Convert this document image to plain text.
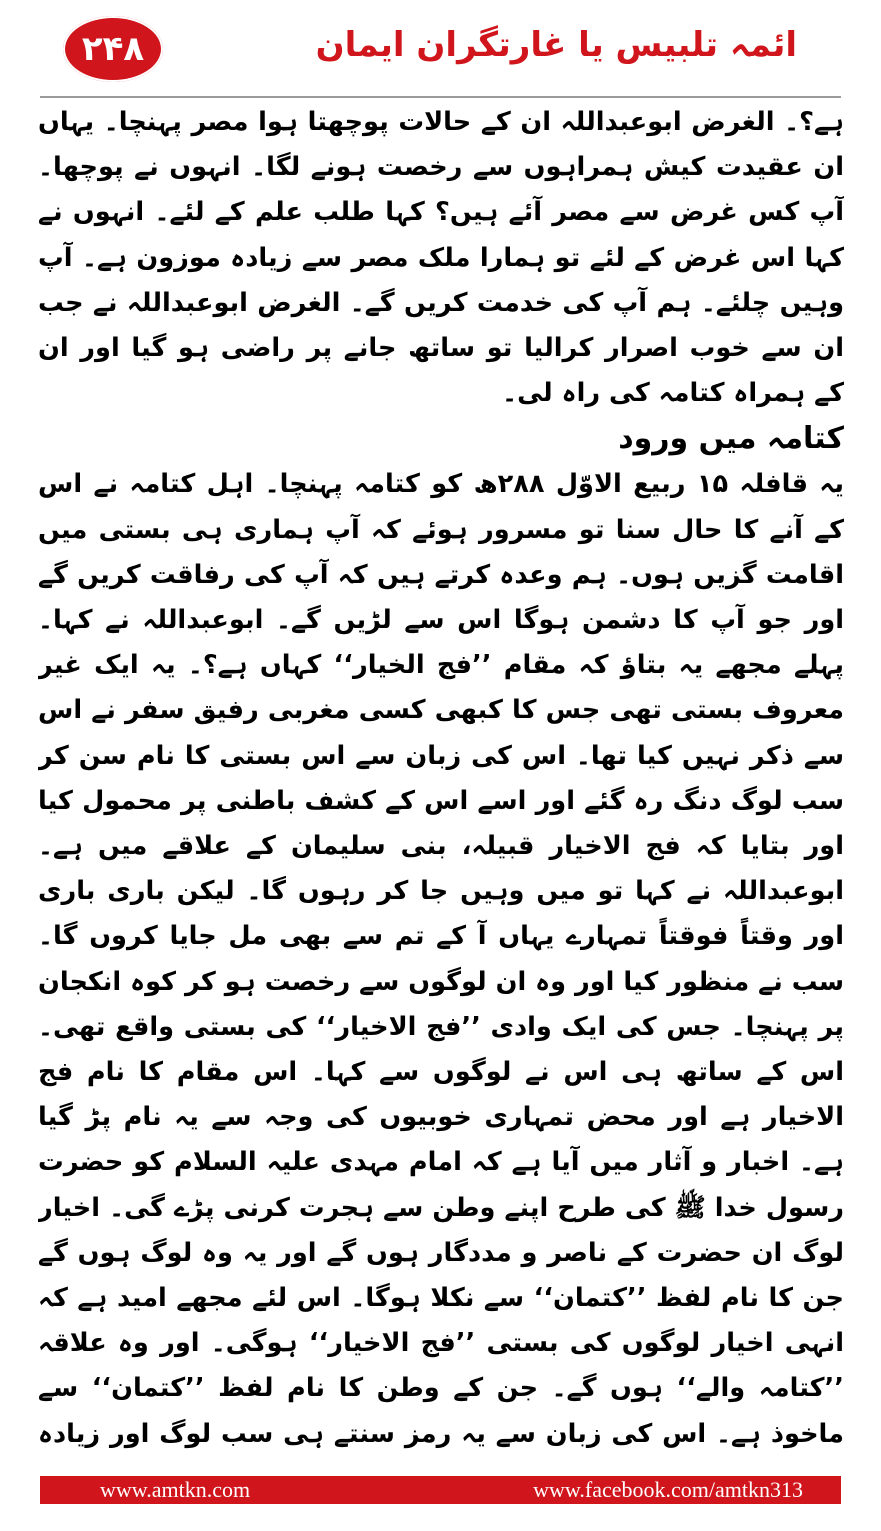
۲۴۸	ائمہ تلبیس یا غارتگران ایمان

ہے؟۔ الغرض ابوعبداللہ ان کے حالات پوچھتا ہوا مصر پہنچا۔ یہاں ان عقیدت کیش ہمراہوں سے رخصت ہونے لگا۔ انہوں نے پوچھا۔ آپ کس غرض سے مصر آئے ہیں؟ کہا طلب علم کے لئے۔ انہوں نے کہا اس غرض کے لئے تو ہمارا ملک مصر سے زیادہ موزون ہے۔ آپ وہیں چلئے۔ ہم آپ کی خدمت کریں گے۔ الغرض ابوعبداللہ نے جب ان سے خوب اصرار کرالیا تو ساتھ جانے پر راضی ہو گیا اور ان کے ہمراہ کتامہ کی راہ لی۔

کتامہ میں ورود

یہ قافلہ ۱۵ ربیع الاوّل ۲۸۸ھ کو کتامہ پہنچا۔ اہل کتامہ نے اس کے آنے کا حال سنا تو مسرور ہوئے کہ آپ ہماری ہی بستی میں اقامت گزیں ہوں۔ ہم وعدہ کرتے ہیں کہ آپ کی رفاقت کریں گے اور جو آپ کا دشمن ہوگا اس سے لڑیں گے۔ ابوعبداللہ نے کہا۔ پہلے مجھے یہ بتاؤ کہ مقام ’’فج الخیار‘‘ کہاں ہے؟۔ یہ ایک غیر معروف بستی تھی جس کا کبھی کسی مغربی رفیق سفر نے اس سے ذکر نہیں کیا تھا۔ اس کی زبان سے اس بستی کا نام سن کر سب لوگ دنگ رہ گئے اور اسے اس کے کشف باطنی پر محمول کیا اور بتایا کہ فج الاخیار قبیلہ، بنی سلیمان کے علاقے میں ہے۔ ابوعبداللہ نے کہا تو میں وہیں جا کر رہوں گا۔ لیکن باری باری اور وقتاً فوقتاً تمہارے یہاں آ کے تم سے بھی مل جایا کروں گا۔ سب نے منظور کیا اور وہ ان لوگوں سے رخصت ہو کر کوہ انکجان پر پہنچا۔ جس کی ایک وادی ’’فج الاخیار‘‘ کی بستی واقع تھی۔ اس کے ساتھ ہی اس نے لوگوں سے کہا۔ اس مقام کا نام فج الاخیار ہے اور محض تمہاری خوبیوں کی وجہ سے یہ نام پڑ گیا ہے۔ اخبار و آثار میں آیا ہے کہ امام مہدی علیہ السلام کو حضرت رسول خدا ﷺ کی طرح اپنے وطن سے ہجرت کرنی پڑے گی۔ اخیار لوگ ان حضرت کے ناصر و مددگار ہوں گے اور یہ وہ لوگ ہوں گے جن کا نام لفظ ’’کتمان‘‘ سے نکلا ہوگا۔ اس لئے مجھے امید ہے کہ انہی اخیار لوگوں کی بستی ’’فج الاخیار‘‘ ہوگی۔ اور وہ علاقہ ’’کتامہ والے‘‘ ہوں گے۔ جن کے وطن کا نام لفظ ’’کتمان‘‘ سے ماخوذ ہے۔ اس کی زبان سے یہ رمز سنتے ہی سب لوگ اور زیادہ

www.amtkn.com	www.facebook.com/amtkn313
